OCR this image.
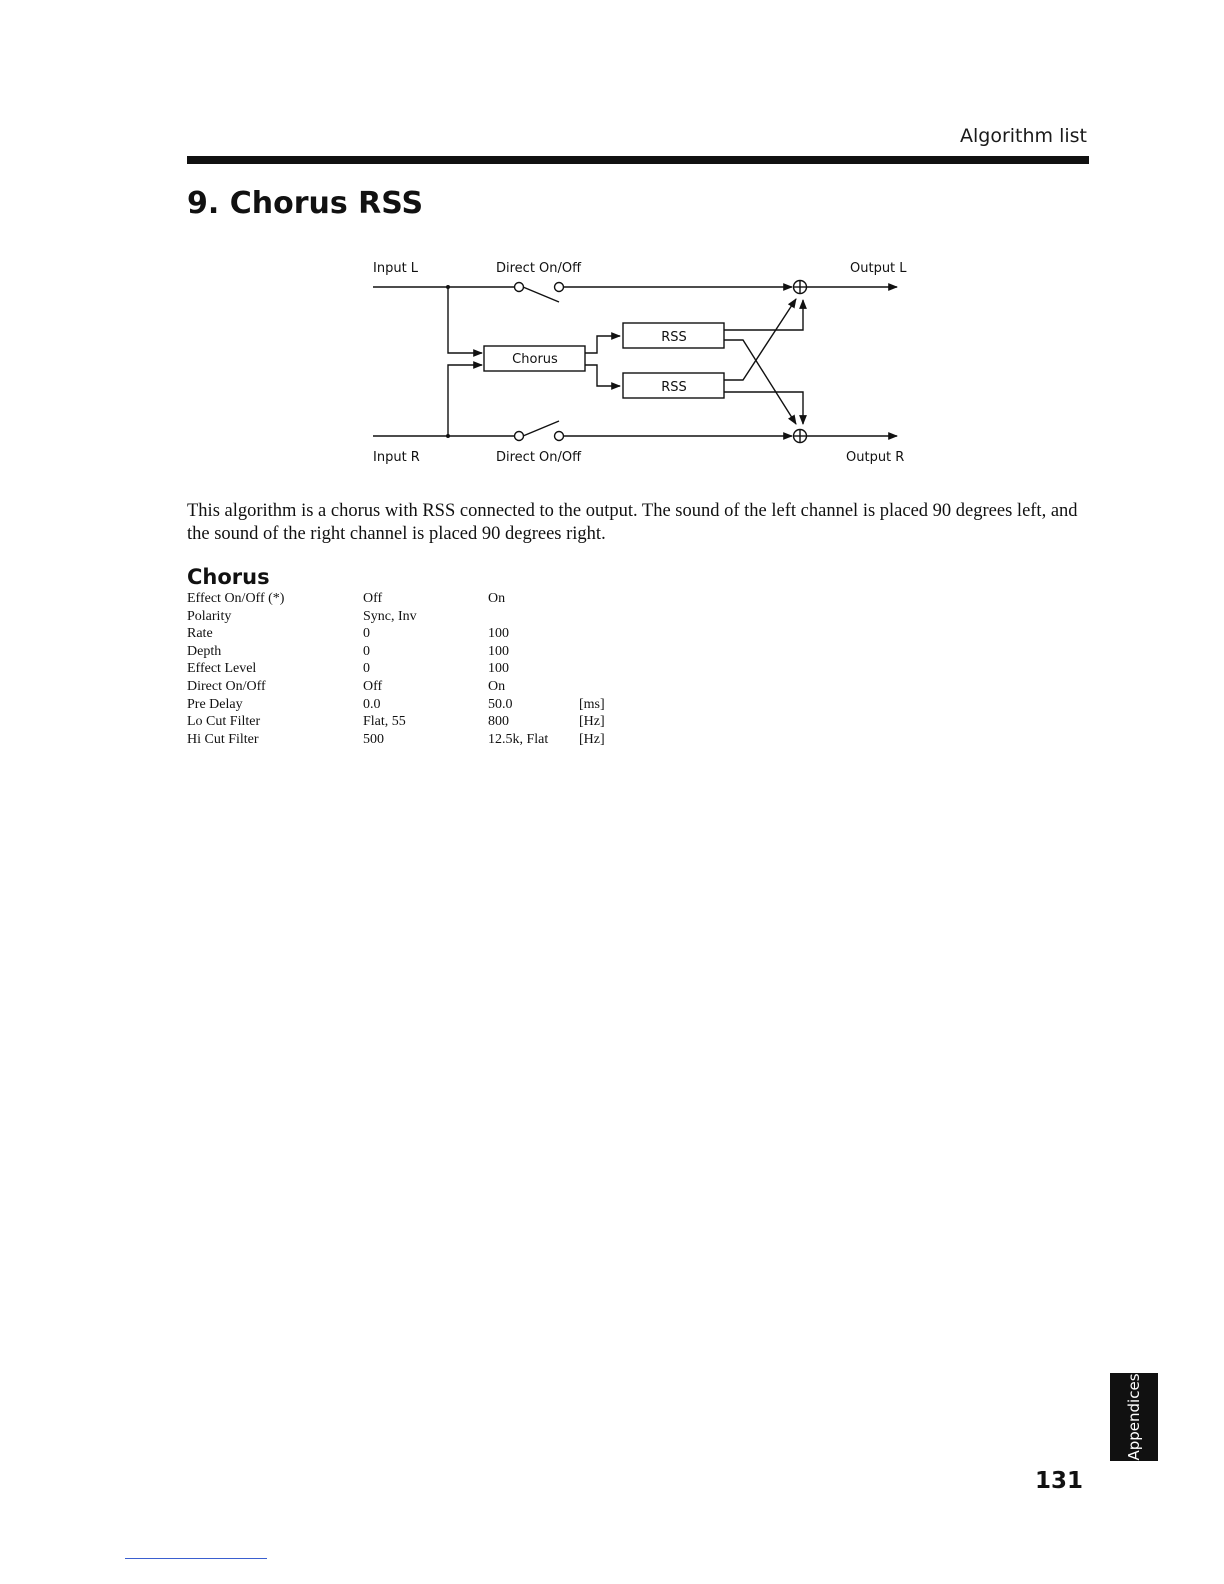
Algorithm list
9. Chorus RSS
Input L	Direct On/Off	Output L
Chorus
RSS
RSS
Input R	Direct On/Off	Output R

This algorithm is a chorus with RSS connected to the output. The sound of the left channel is placed 90 degrees left, and the sound of the right channel is placed 90 degrees right.

Chorus
Effect On/Off (*)	Off	On	
Polarity	Sync, Inv		
Rate	0	100	
Depth	0	100	
Effect Level	0	100	
Direct On/Off	Off	On	
Pre Delay	0.0	50.0	[ms]
Lo Cut Filter	Flat, 55	800	[Hz]
Hi Cut Filter	500	12.5k, Flat	[Hz]
Appendices
131
